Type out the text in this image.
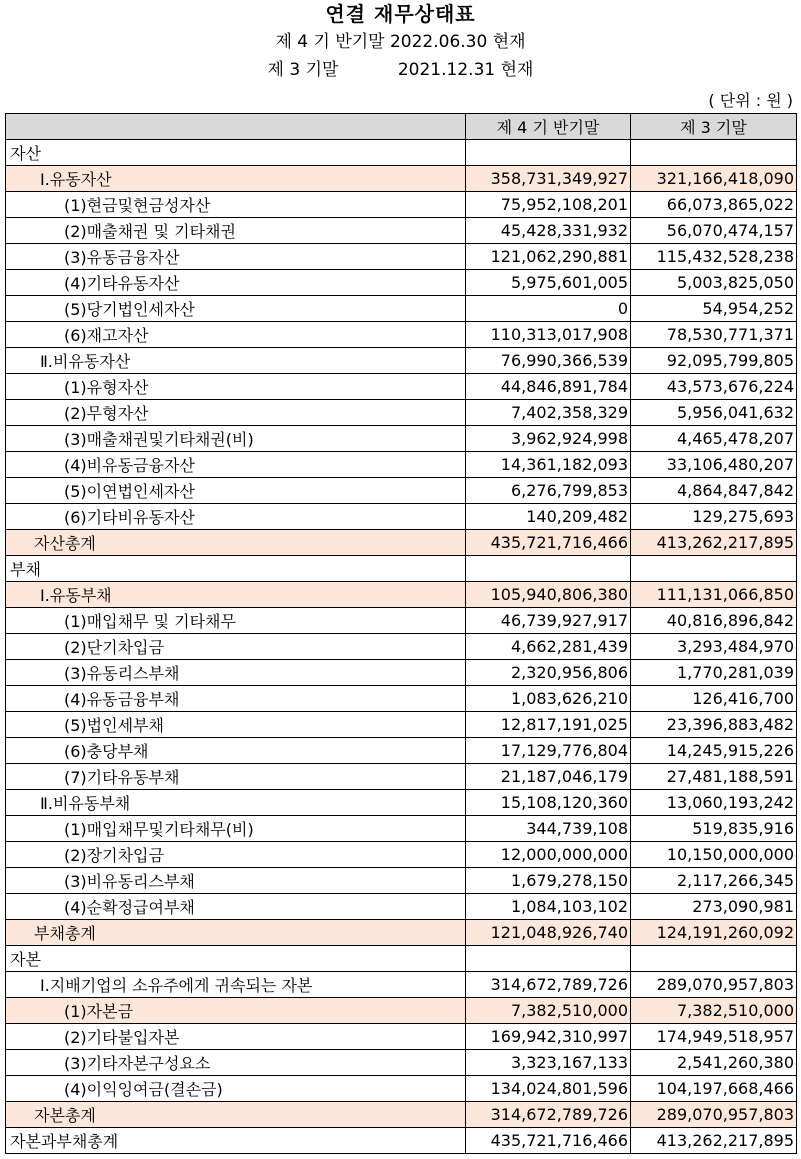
연결 재무상태표
제 4 기 반기말 2022.06.30 현재
제 3 기말           2021.12.31 현재
( 단위 : 원 )
	제 4 기 반기말	제 3 기말
자산		
Ⅰ.유동자산	358,731,349,927	321,166,418,090
(1)현금및현금성자산	75,952,108,201	66,073,865,022
(2)매출채권 및 기타채권	45,428,331,932	56,070,474,157
(3)유동금융자산	121,062,290,881	115,432,528,238
(4)기타유동자산	5,975,601,005	5,003,825,050
(5)당기법인세자산	0	54,954,252
(6)재고자산	110,313,017,908	78,530,771,371
Ⅱ.비유동자산	76,990,366,539	92,095,799,805
(1)유형자산	44,846,891,784	43,573,676,224
(2)무형자산	7,402,358,329	5,956,041,632
(3)매출채권및기타채권(비)	3,962,924,998	4,465,478,207
(4)비유동금융자산	14,361,182,093	33,106,480,207
(5)이연법인세자산	6,276,799,853	4,864,847,842
(6)기타비유동자산	140,209,482	129,275,693
자산총계	435,721,716,466	413,262,217,895
부채		
Ⅰ.유동부채	105,940,806,380	111,131,066,850
(1)매입채무 및 기타채무	46,739,927,917	40,816,896,842
(2)단기차입금	4,662,281,439	3,293,484,970
(3)유동리스부채	2,320,956,806	1,770,281,039
(4)유동금융부채	1,083,626,210	126,416,700
(5)법인세부채	12,817,191,025	23,396,883,482
(6)충당부채	17,129,776,804	14,245,915,226
(7)기타유동부채	21,187,046,179	27,481,188,591
Ⅱ.비유동부채	15,108,120,360	13,060,193,242
(1)매입채무및기타채무(비)	344,739,108	519,835,916
(2)장기차입금	12,000,000,000	10,150,000,000
(3)비유동리스부채	1,679,278,150	2,117,266,345
(4)순확정급여부채	1,084,103,102	273,090,981
부채총계	121,048,926,740	124,191,260,092
자본		
Ⅰ.지배기업의 소유주에게 귀속되는 자본	314,672,789,726	289,070,957,803
(1)자본금	7,382,510,000	7,382,510,000
(2)기타불입자본	169,942,310,997	174,949,518,957
(3)기타자본구성요소	3,323,167,133	2,541,260,380
(4)이익잉여금(결손금)	134,024,801,596	104,197,668,466
자본총계	314,672,789,726	289,070,957,803
자본과부채총계	435,721,716,466	413,262,217,895
